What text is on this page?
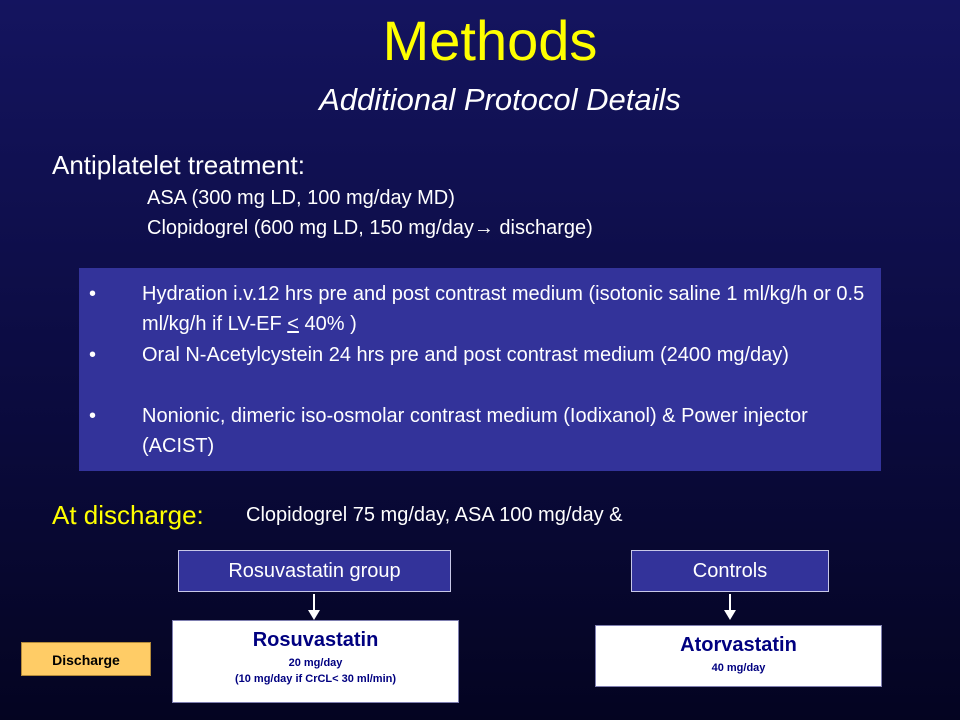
Methods
Additional Protocol Details
Antiplatelet treatment:
ASA (300 mg LD, 100 mg/day MD)
Clopidogrel (600 mg LD, 150 mg/day→ discharge)
• Hydration i.v.12 hrs pre and post contrast medium (isotonic saline 1 ml/kg/h or 0.5 ml/kg/h if LV-EF ≤ 40% )
• Oral N-Acetylcystein 24 hrs pre and post contrast medium (2400 mg/day)
• Nonionic, dimeric iso-osmolar contrast medium (Iodixanol) & Power injector (ACIST)
At discharge: Clopidogrel 75 mg/day, ASA 100 mg/day &
Rosuvastatin group	Controls
Rosuvastatin
20 mg/day
(10 mg/day if CrCL< 30 ml/min)
Atorvastatin
40 mg/day
Discharge
